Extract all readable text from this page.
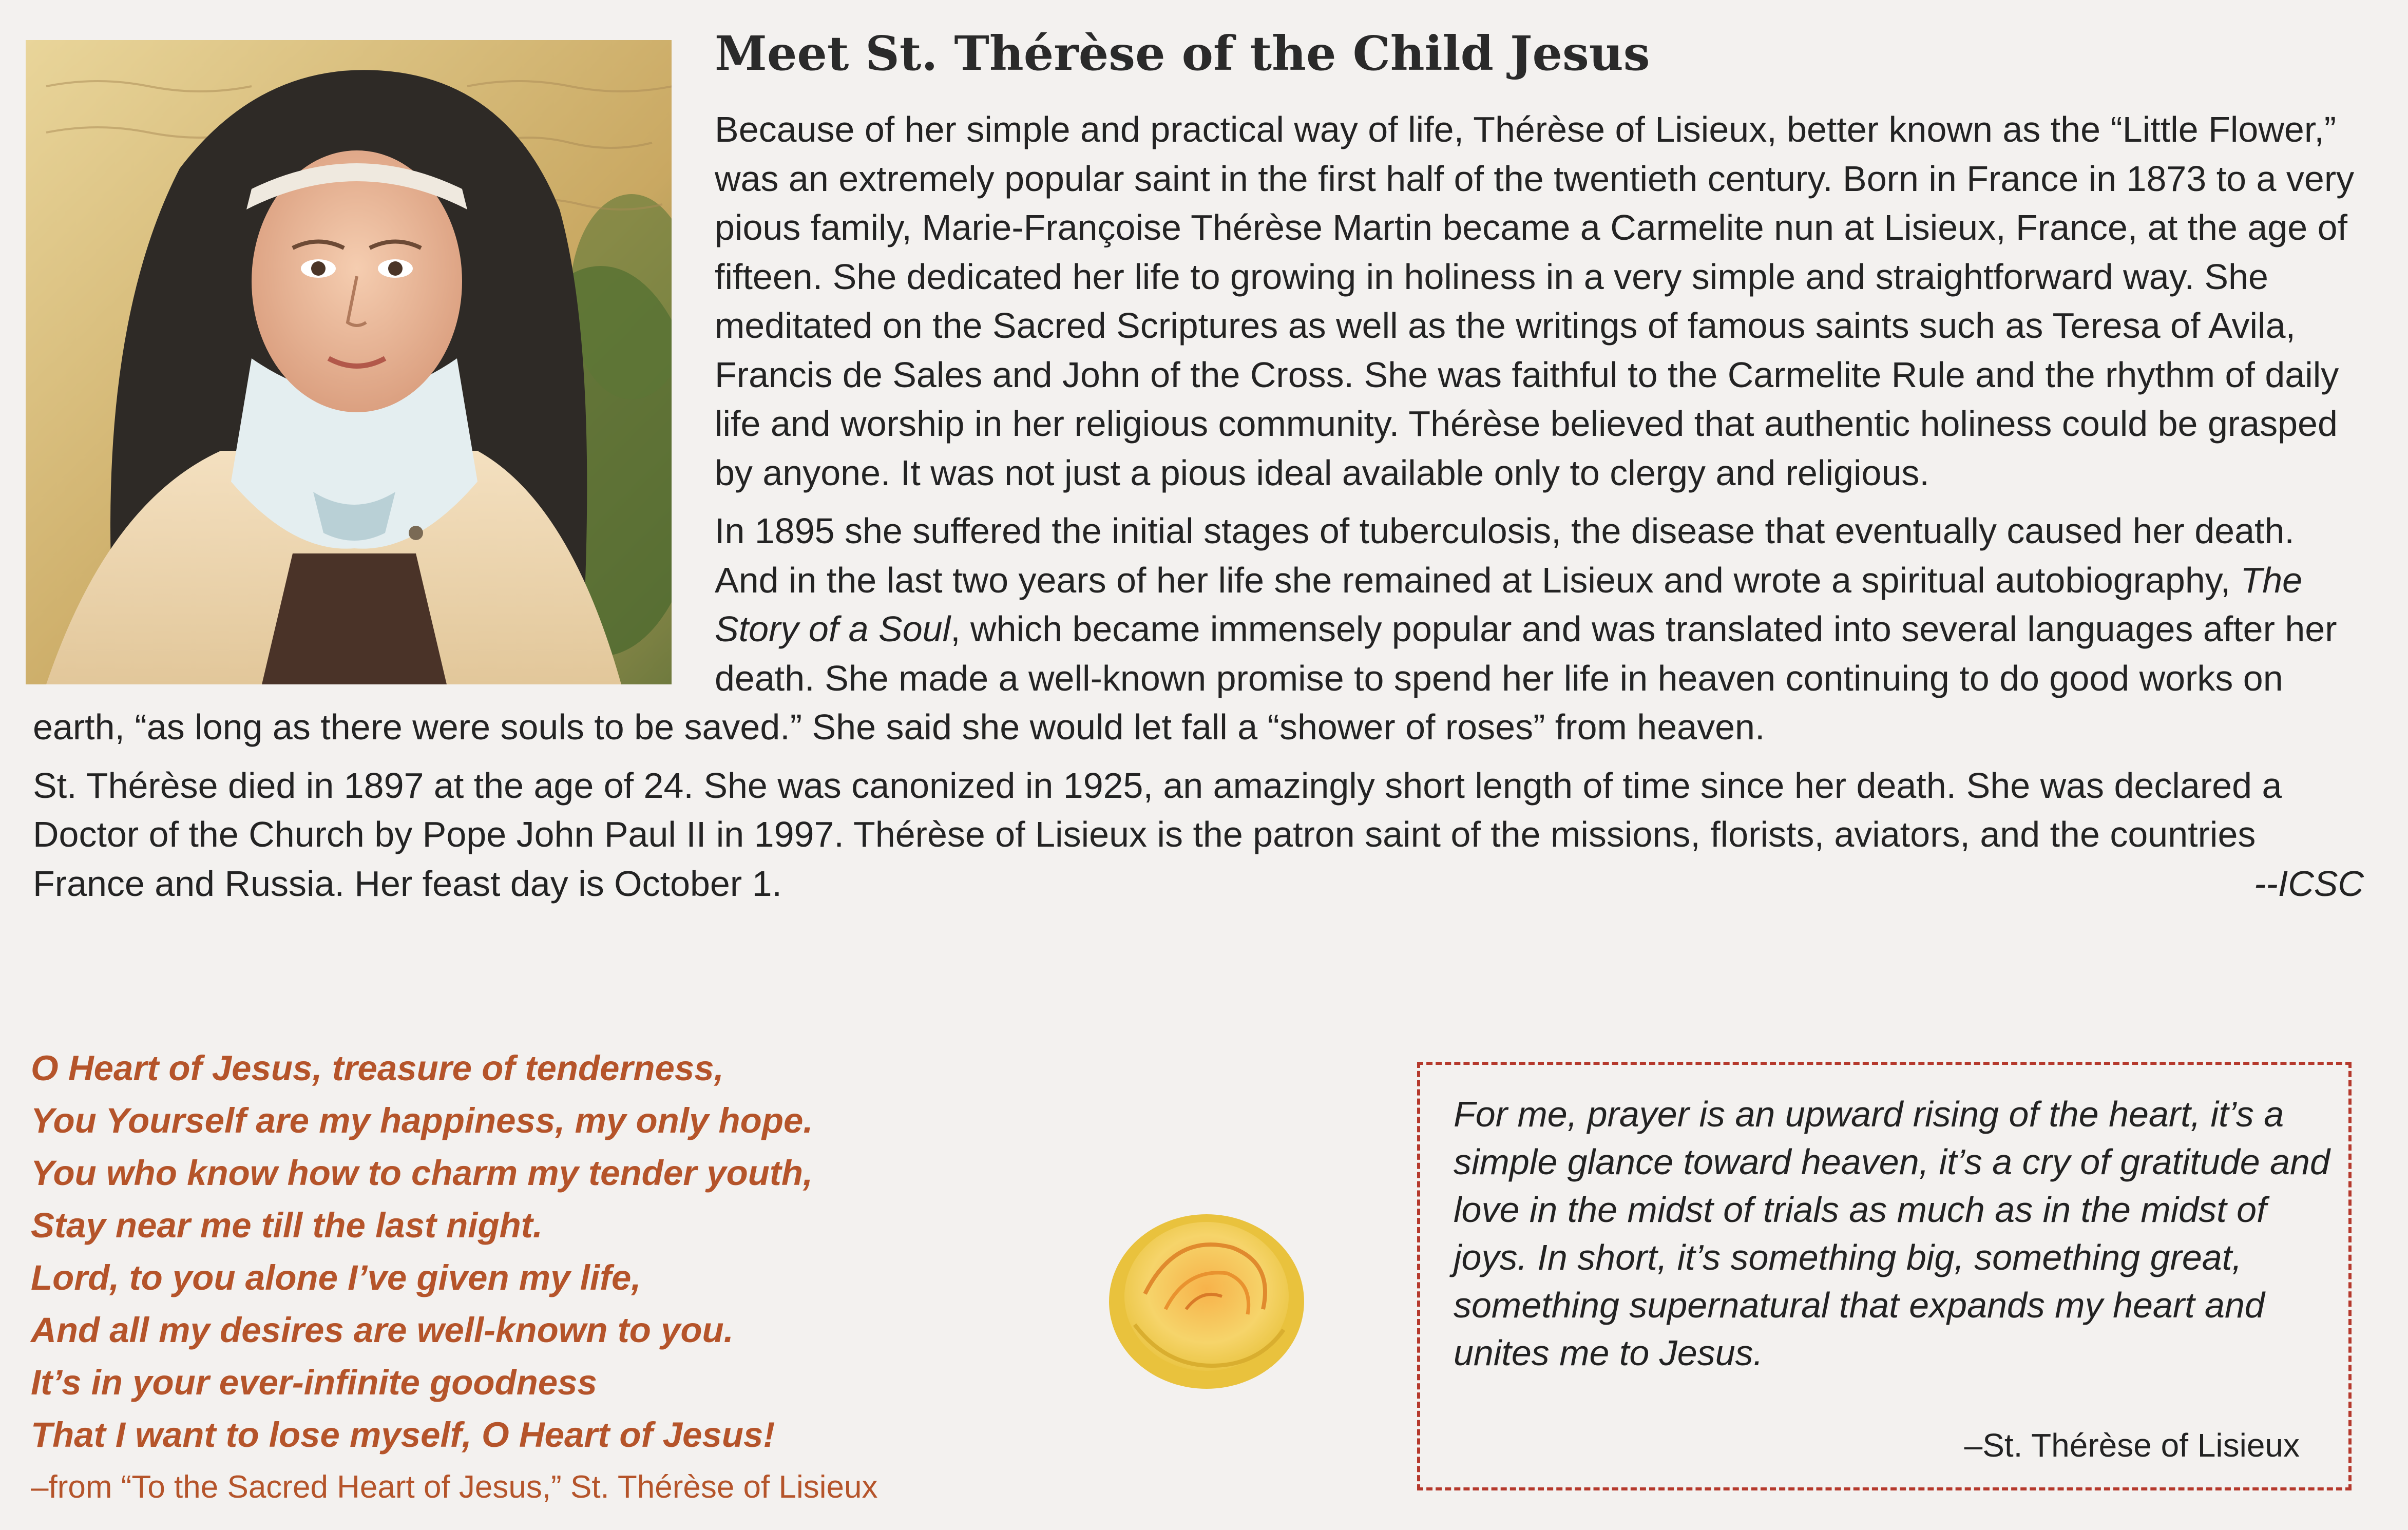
Meet St. Thérèse of the Child Jesus

Because of her simple and practical way of life, Thérèse of Lisieux, better known as the “Little Flower,” was an extremely popular saint in the first half of the twentieth century. Born in France in 1873 to a very pious family, Marie-Françoise Thérèse Martin became a Carmelite nun at Lisieux, France, at the age of fifteen. She dedicated her life to growing in holiness in a very simple and straightforward way. She meditated on the Sacred Scriptures as well as the writings of famous saints such as Teresa of Avila, Francis de Sales and John of the Cross. She was faithful to the Carmelite Rule and the rhythm of daily life and worship in her religious community. Thérèse believed that authentic holiness could be grasped by anyone. It was not just a pious ideal available only to clergy and religious.

In 1895 she suffered the initial stages of tuberculosis, the disease that eventually caused her death. And in the last two years of her life she remained at Lisieux and wrote a spiritual autobiography, The Story of a Soul, which became immensely popular and was translated into several languages after her death. She made a well-known promise to spend her life in heaven continuing to do good works on earth, “as long as there were souls to be saved.” She said she would let fall a “shower of roses” from heaven.

St. Thérèse died in 1897 at the age of 24. She was canonized in 1925, an amazingly short length of time since her death. She was declared a Doctor of the Church by Pope John Paul II in 1997. Thérèse of Lisieux is the patron saint of the missions, florists, aviators, and the countries France and Russia. Her feast day is October 1.	--ICSC
O Heart of Jesus, treasure of tenderness,
You Yourself are my happiness, my only hope.
You who know how to charm my tender youth,
Stay near me till the last night.
Lord, to you alone I’ve given my life,
And all my desires are well-known to you.
It’s in your ever-infinite goodness
That I want to lose myself, O Heart of Jesus!
–from “To the Sacred Heart of Jesus,” St. Thérèse of Lisieux
For me, prayer is an upward rising of the heart, it’s a simple glance toward heaven, it’s a cry of gratitude and love in the midst of trials as much as in the midst of joys. In short, it’s something big, something great, something supernatural that expands my heart and unites me to Jesus.
–St. Thérèse of Lisieux
